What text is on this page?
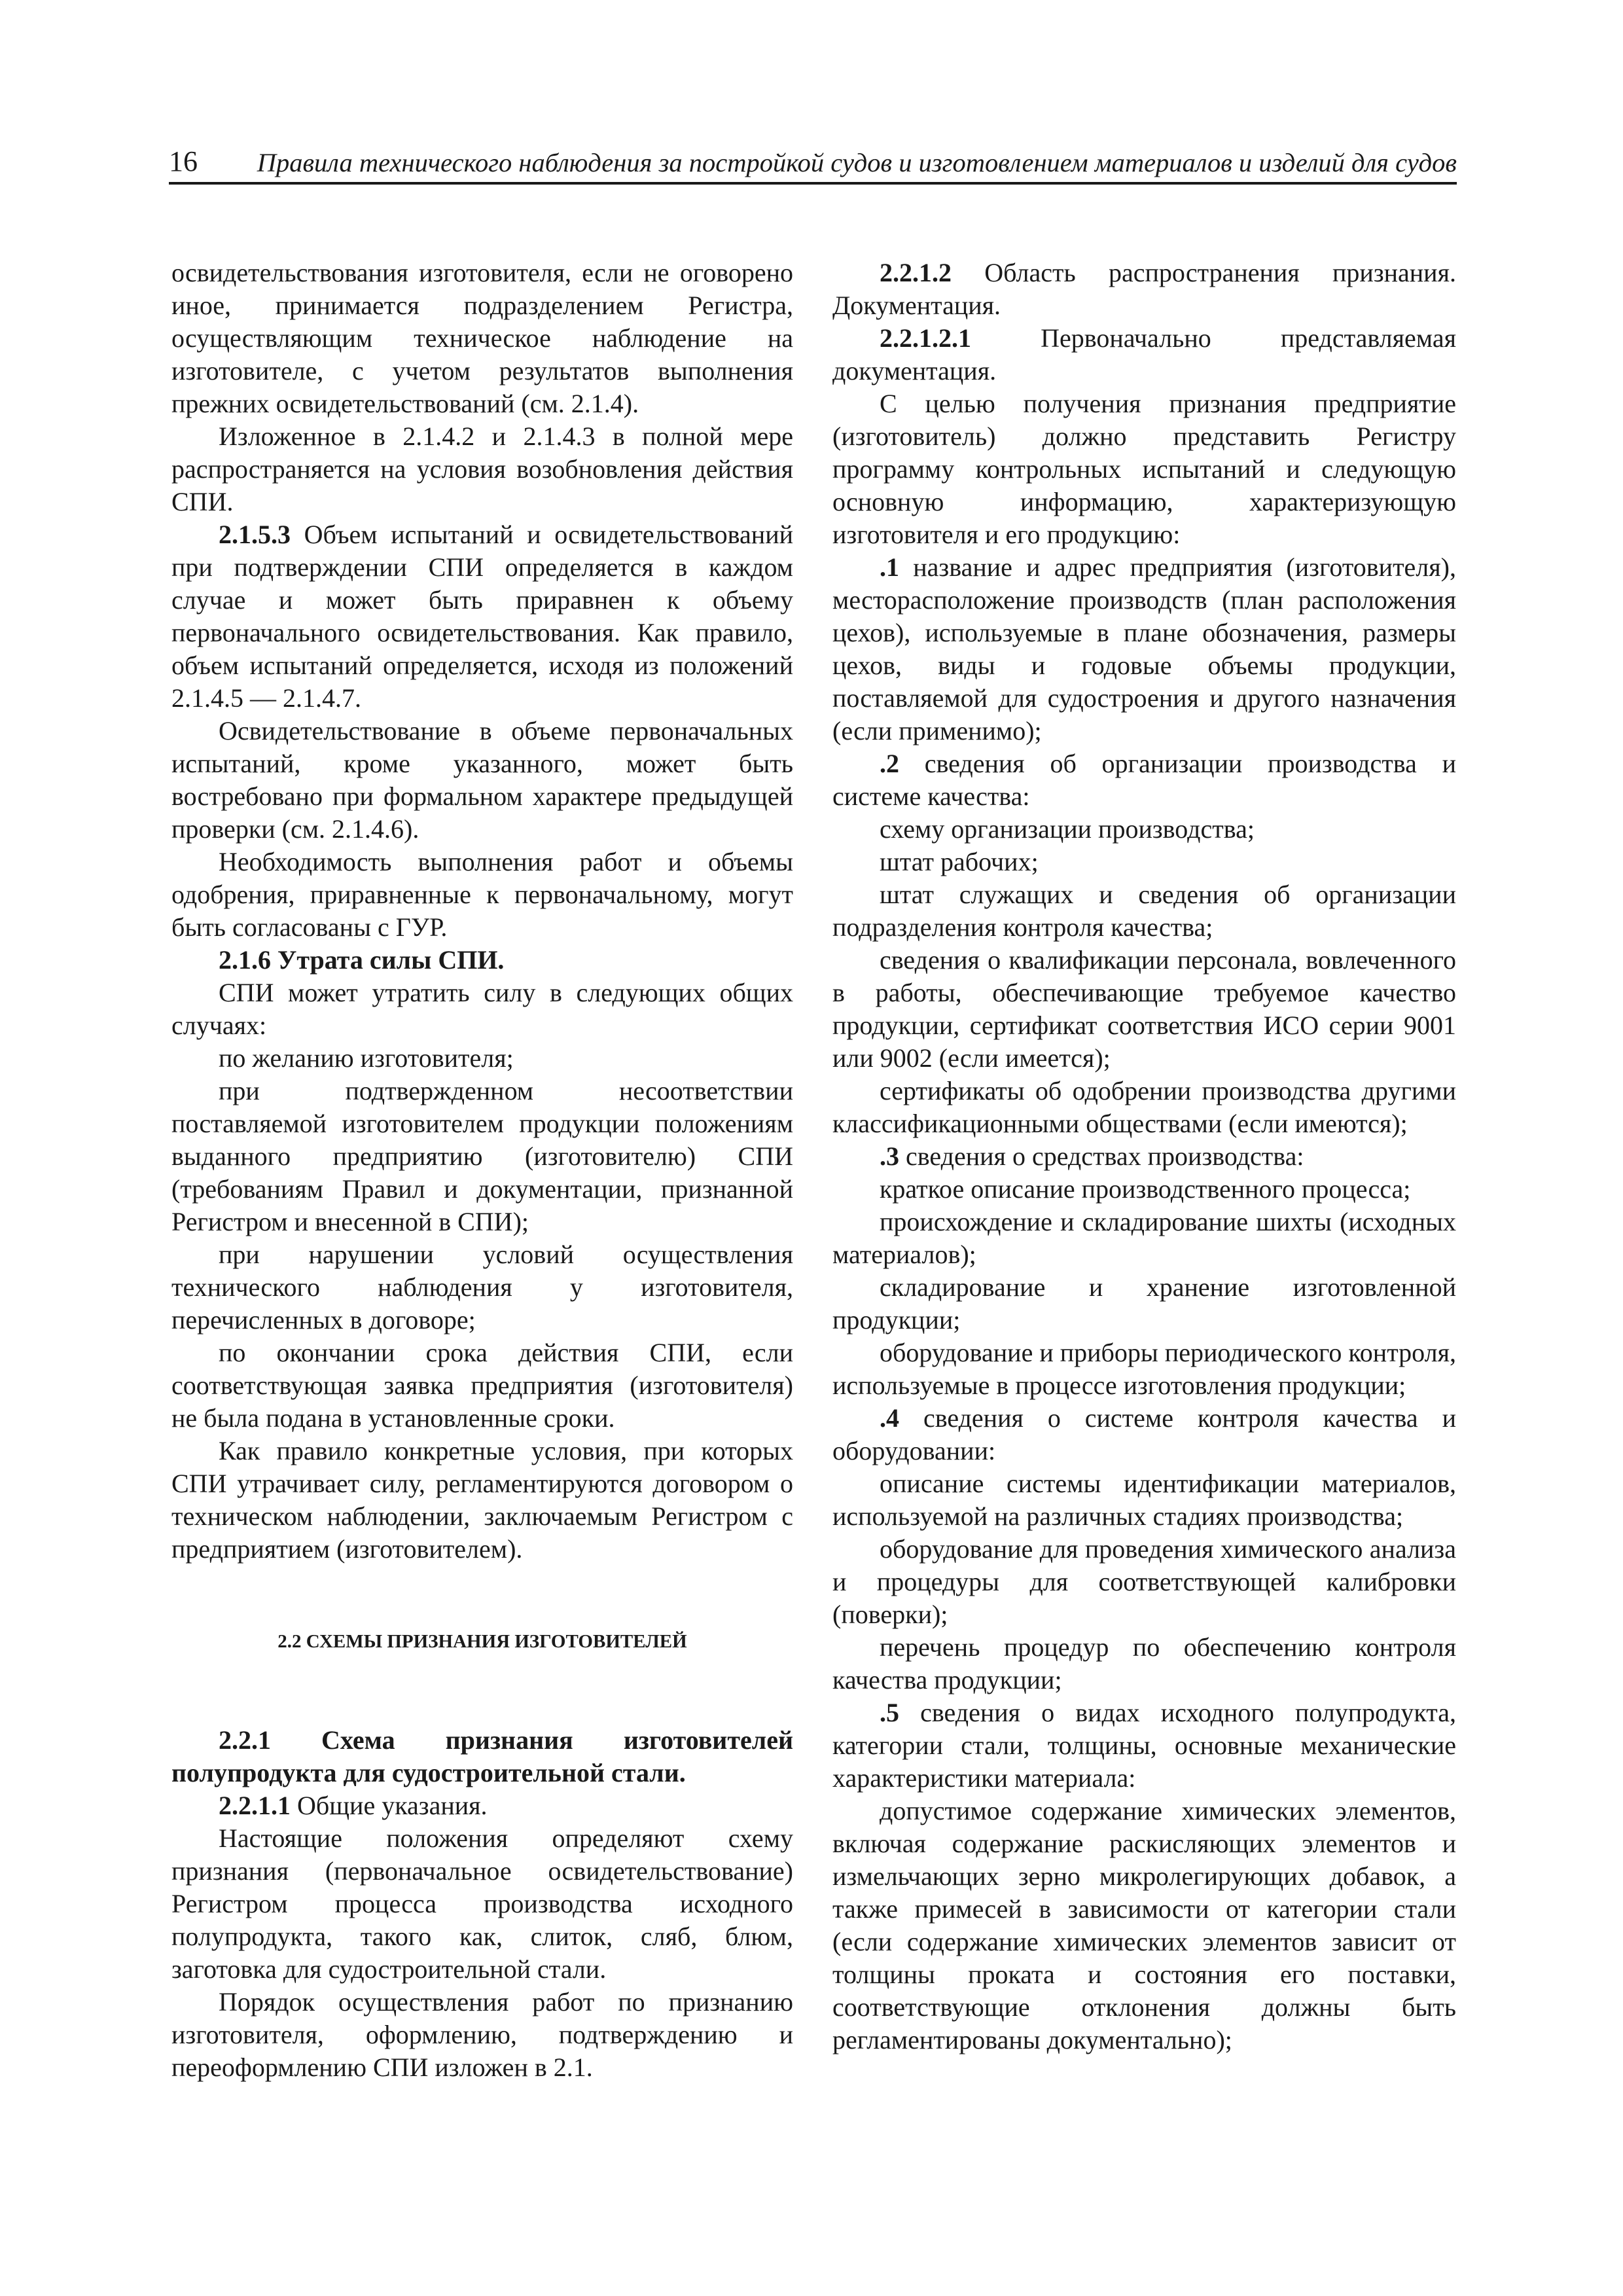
16 Правила технического наблюдения за постройкой судов и изготовлением материалов и изделий для судов

освидетельствования изготовителя, если не оговорено иное, принимается подразделением Регистра, осуществляющим техническое наблюдение на изготовителе, с учетом результатов выполнения прежних освидетельствований (см. 2.1.4).

Изложенное в 2.1.4.2 и 2.1.4.3 в полной мере распространяется на условия возобновления действия СПИ.

2.1.5.3 Объем испытаний и освидетельствований при подтверждении СПИ определяется в каждом случае и может быть приравнен к объему первоначального освидетельствования. Как правило, объем испытаний определяется, исходя из положений 2.1.4.5 — 2.1.4.7.

Освидетельствование в объеме первоначальных испытаний, кроме указанного, может быть востребовано при формальном характере предыдущей проверки (см. 2.1.4.6).

Необходимость выполнения работ и объемы одобрения, приравненные к первоначальному, могут быть согласованы с ГУР.

2.1.6 Утрата силы СПИ.

СПИ может утратить силу в следующих общих случаях:

по желанию изготовителя;

при подтвержденном несоответствии поставляемой изготовителем продукции положениям выданного предприятию (изготовителю) СПИ (требованиям Правил и документации, признанной Регистром и внесенной в СПИ);

при нарушении условий осуществления технического наблюдения у изготовителя, перечисленных в договоре;

по окончании срока действия СПИ, если соответствующая заявка предприятия (изготовителя) не была подана в установленные сроки.

Как правило конкретные условия, при которых СПИ утрачивает силу, регламентируются договором о техническом наблюдении, заключаемым Регистром с предприятием (изготовителем).

2.2 СХЕМЫ ПРИЗНАНИЯ ИЗГОТОВИТЕЛЕЙ

2.2.1 Схема признания изготовителей полупродукта для судостроительной стали.

2.2.1.1 Общие указания.

Настоящие положения определяют схему признания (первоначальное освидетельствование) Регистром процесса производства исходного полупродукта, такого как, слиток, сляб, блюм, заготовка для судостроительной стали.

Порядок осуществления работ по признанию изготовителя, оформлению, подтверждению и переоформлению СПИ изложен в 2.1.

2.2.1.2 Область распространения признания. Документация.

2.2.1.2.1 Первоначально представляемая документация.

С целью получения признания предприятие (изготовитель) должно представить Регистру программу контрольных испытаний и следующую основную информацию, характеризующую изготовителя и его продукцию:

.1 название и адрес предприятия (изготовителя), месторасположение производств (план расположения цехов), используемые в плане обозначения, размеры цехов, виды и годовые объемы продукции, поставляемой для судостроения и другого назначения (если применимо);

.2 сведения об организации производства и системе качества:

схему организации производства;

штат рабочих;

штат служащих и сведения об организации подразделения контроля качества;

сведения о квалификации персонала, вовлеченного в работы, обеспечивающие требуемое качество продукции, сертификат соответствия ИСО серии 9001 или 9002 (если имеется);

сертификаты об одобрении производства другими классификационными обществами (если имеются);

.3 сведения о средствах производства:

краткое описание производственного процесса;

происхождение и складирование шихты (исходных материалов);

складирование и хранение изготовленной продукции;

оборудование и приборы периодического контроля, используемые в процессе изготовления продукции;

.4 сведения о системе контроля качества и оборудовании:

описание системы идентификации материалов, используемой на различных стадиях производства;

оборудование для проведения химического анализа и процедуры для соответствующей калибровки (поверки);

перечень процедур по обеспечению контроля качества продукции;

.5 сведения о видах исходного полупродукта, категории стали, толщины, основные механические характеристики материала:

допустимое содержание химических элементов, включая содержание раскисляющих элементов и измельчающих зерно микролегирующих добавок, а также примесей в зависимости от категории стали (если содержание химических элементов зависит от толщины проката и состояния его поставки, соответствующие отклонения должны быть регламентированы документально);
